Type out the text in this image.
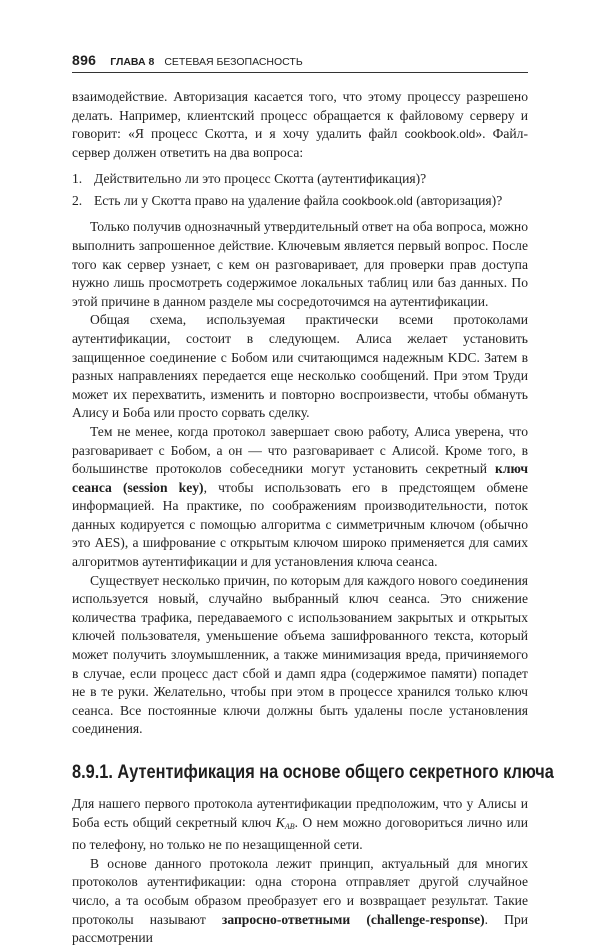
896 ГЛАВА 8 СЕТЕВАЯ БЕЗОПАСНОСТЬ

взаимодействие. Авторизация касается того, что этому процессу разрешено делать. Например, клиентский процесс обращается к файловому серверу и говорит: «Я процесс Скотта, и я хочу удалить файл cookbook.old». Файл-сервер должен ответить на два вопроса:

1. Действительно ли это процесс Скотта (аутентификация)?
2. Есть ли у Скотта право на удаление файла cookbook.old (авторизация)?

Только получив однозначный утвердительный ответ на оба вопроса, можно выполнить запрошенное действие. Ключевым является первый вопрос. После того как сервер узнает, с кем он разговаривает, для проверки прав доступа нужно лишь просмотреть содержимое локальных таблиц или баз данных. По этой причине в данном разделе мы сосредоточимся на аутентификации.

Общая схема, используемая практически всеми протоколами аутентификации, состоит в следующем. Алиса желает установить защищенное соединение с Бобом или считающимся надежным KDC. Затем в разных направлениях передается еще несколько сообщений. При этом Труди может их перехватить, изменить и повторно воспроизвести, чтобы обмануть Алису и Боба или просто сорвать сделку.

Тем не менее, когда протокол завершает свою работу, Алиса уверена, что разговаривает с Бобом, а он — что разговаривает с Алисой. Кроме того, в большинстве протоколов собеседники могут установить секретный ключ сеанса (session key), чтобы использовать его в предстоящем обмене информацией. На практике, по соображениям производительности, поток данных кодируется с помощью алгоритма с симметричным ключом (обычно это AES), а шифрование с открытым ключом широко применяется для самих алгоритмов аутентификации и для установления ключа сеанса.

Существует несколько причин, по которым для каждого нового соединения используется новый, случайно выбранный ключ сеанса. Это снижение количества трафика, передаваемого с использованием закрытых и открытых ключей пользователя, уменьшение объема зашифрованного текста, который может получить злоумышленник, а также минимизация вреда, причиняемого в случае, если процесс даст сбой и дамп ядра (содержимое памяти) попадет не в те руки. Желательно, чтобы при этом в процессе хранился только ключ сеанса. Все постоянные ключи должны быть удалены после установления соединения.

8.9.1. Аутентификация на основе общего секретного ключа

Для нашего первого протокола аутентификации предположим, что у Алисы и Боба есть общий секретный ключ $K_{AB}$. О нем можно договориться лично или по телефону, но только не по незащищенной сети.

В основе данного протокола лежит принцип, актуальный для многих протоколов аутентификации: одна сторона отправляет другой случайное число, а та особым образом преобразует его и возвращает результат. Такие протоколы называют запросно-ответными (challenge-response). При рассмотрении
